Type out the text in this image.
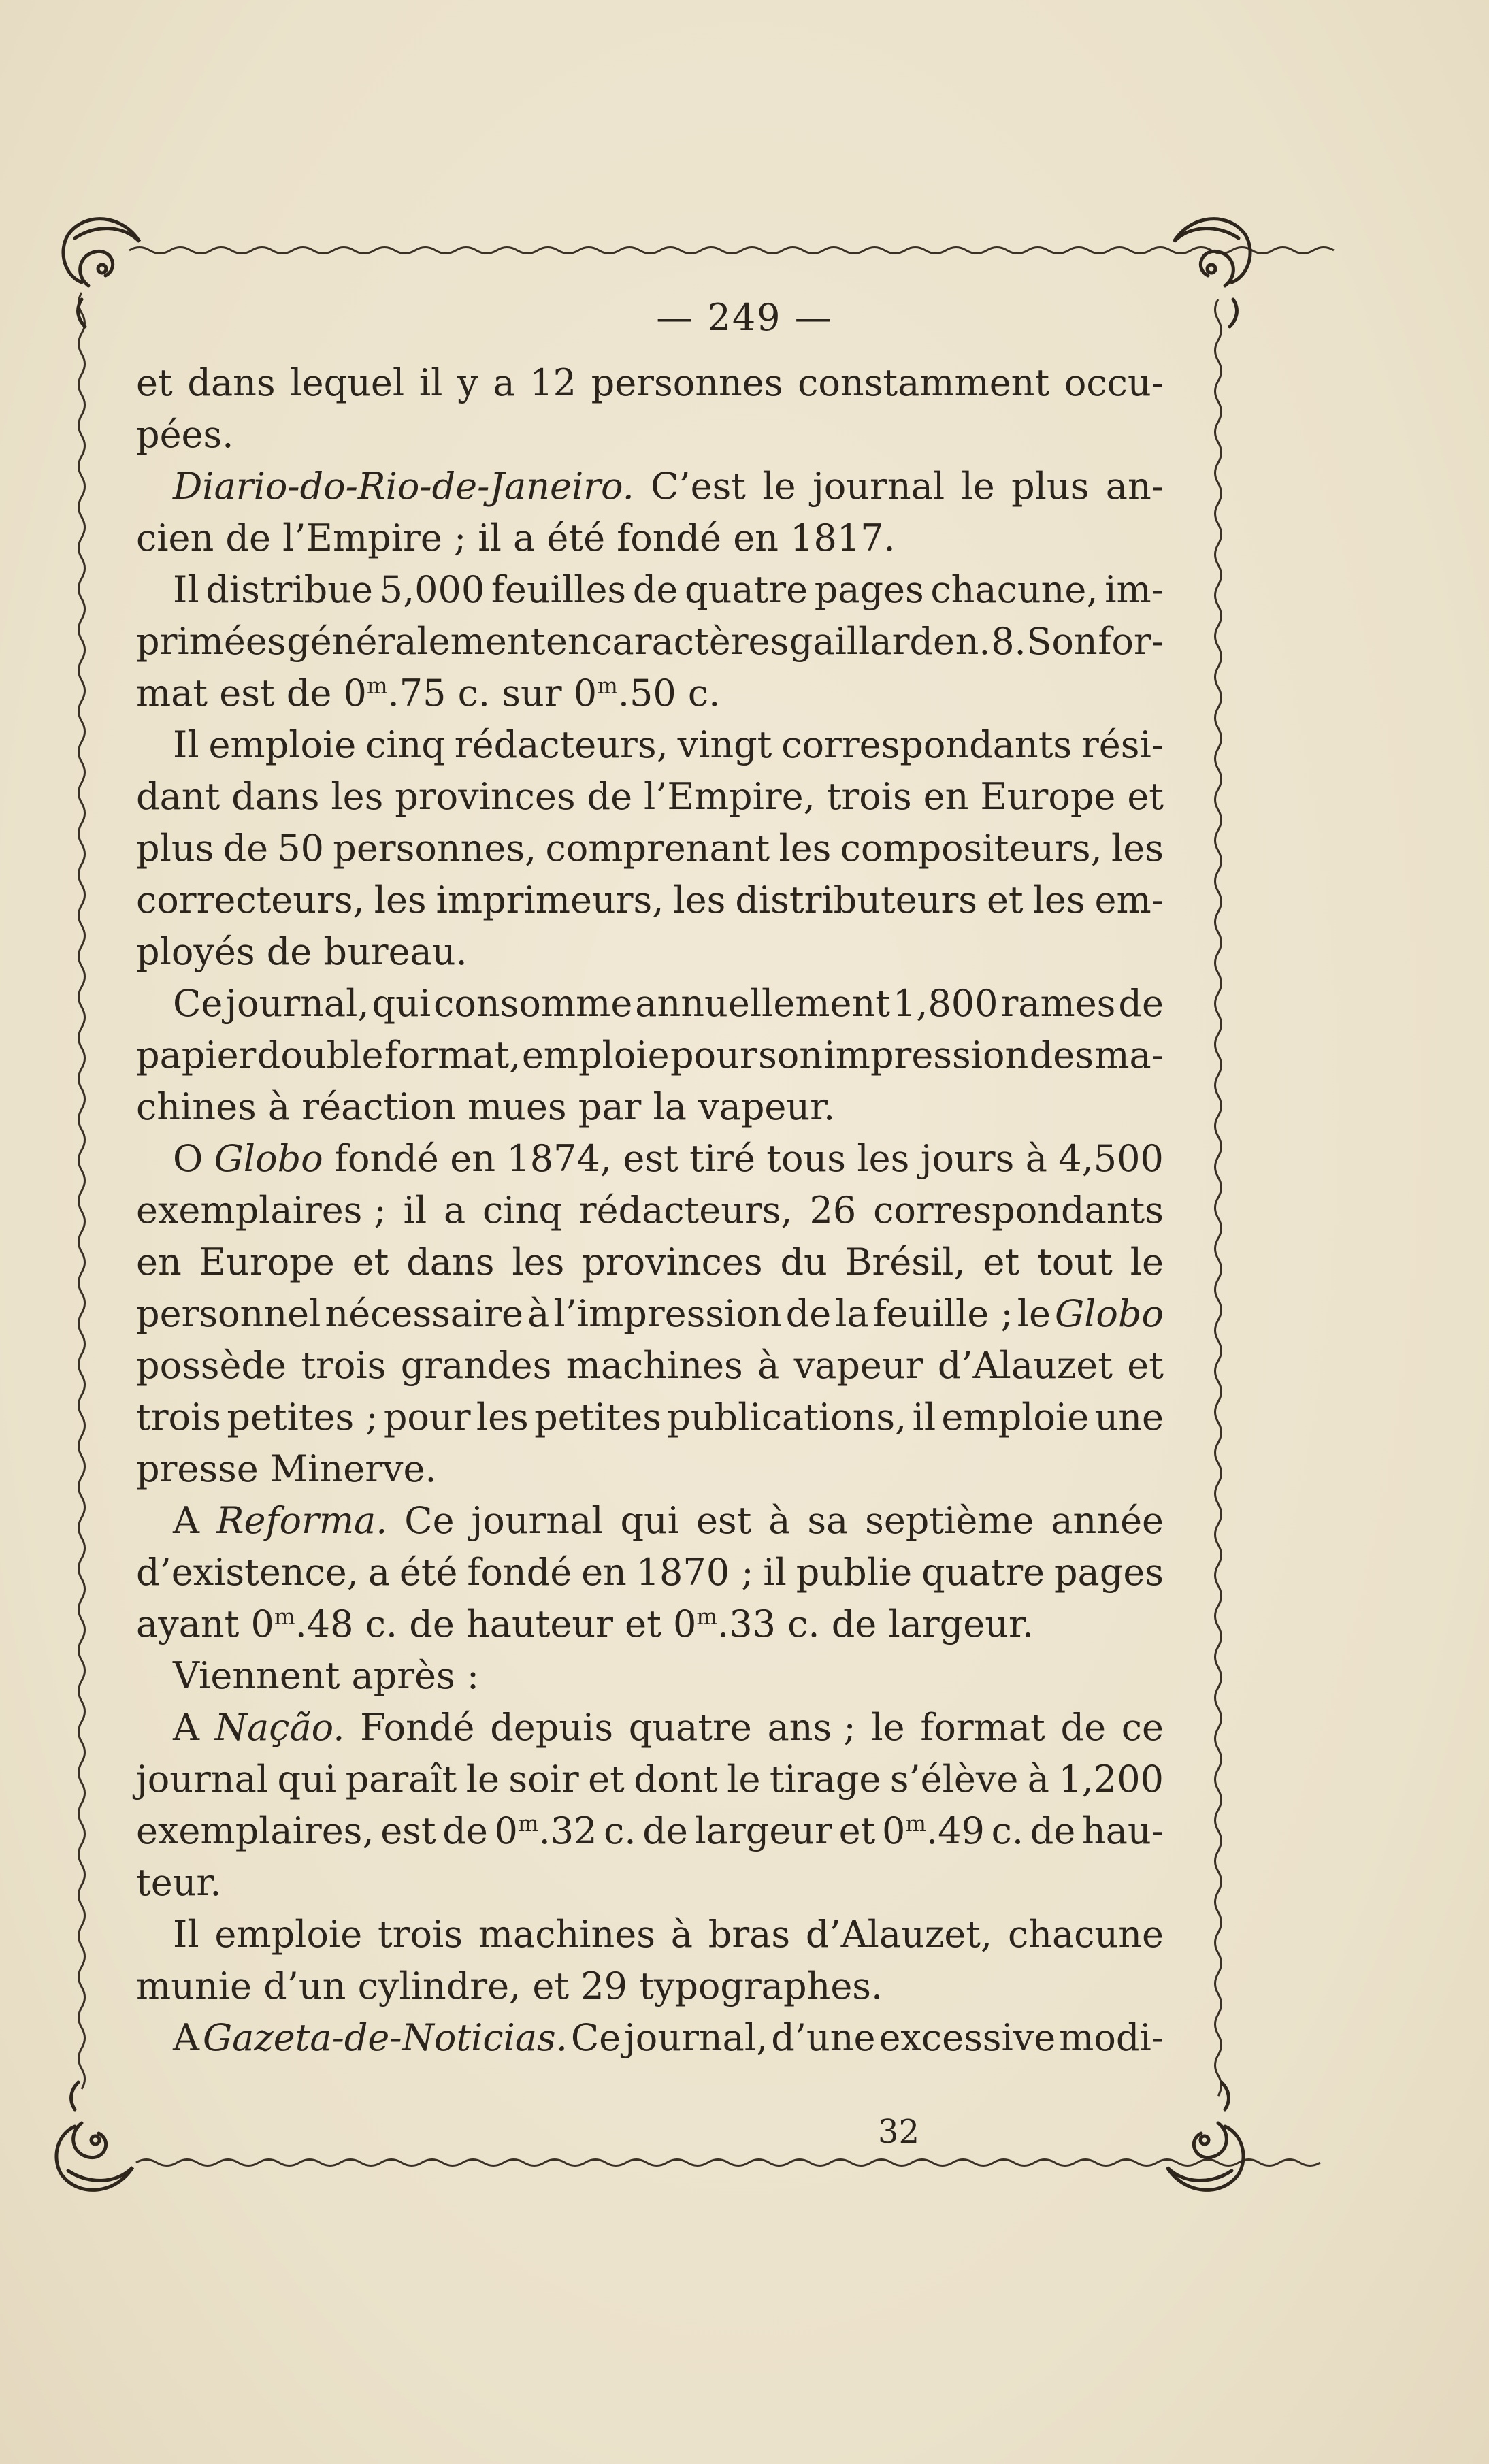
— 249 —
et dans lequel il y a 12 personnes constamment occu-
pées.
Diario-do-Rio-de-Janeiro. C’est le journal le plus an-
cien de l’Empire ; il a été fondé en 1817.
Il distribue 5,000 feuilles de quatre pages chacune, im-
primées généralement en caractères gaillarde n. 8. Son for-
mat est de 0$^m$.75 c. sur 0$^m$.50 c.
Il emploie cinq rédacteurs, vingt correspondants rési-
dant dans les provinces de l’Empire, trois en Europe et
plus de 50 personnes, comprenant les compositeurs, les
correcteurs, les imprimeurs, les distributeurs et les em-
ployés de bureau.
Ce journal, qui consomme annuellement 1,800 rames de
papier double format, emploie pour son impression des ma-
chines à réaction mues par la vapeur.
O Globo fondé en 1874, est tiré tous les jours à 4,500
exemplaires ; il a cinq rédacteurs, 26 correspondants
en Europe et dans les provinces du Brésil, et tout le
personnel nécessaire à l’impression de la feuille ; le Globo
possède trois grandes machines à vapeur d’Alauzet et
trois petites ; pour les petites publications, il emploie une
presse Minerve.
A Reforma. Ce journal qui est à sa septième année
d’existence, a été fondé en 1870 ; il publie quatre pages
ayant 0$^m$.48 c. de hauteur et 0$^m$.33 c. de largeur.
Viennent après :
A Nação. Fondé depuis quatre ans ; le format de ce
journal qui paraît le soir et dont le tirage s’élève à 1,200
exemplaires, est de 0$^m$.32 c. de largeur et 0$^m$.49 c. de hau-
teur.
Il emploie trois machines à bras d’Alauzet, chacune
munie d’un cylindre, et 29 typographes.
A Gazeta-de-Noticias. Ce journal, d’une excessive modi-
32
